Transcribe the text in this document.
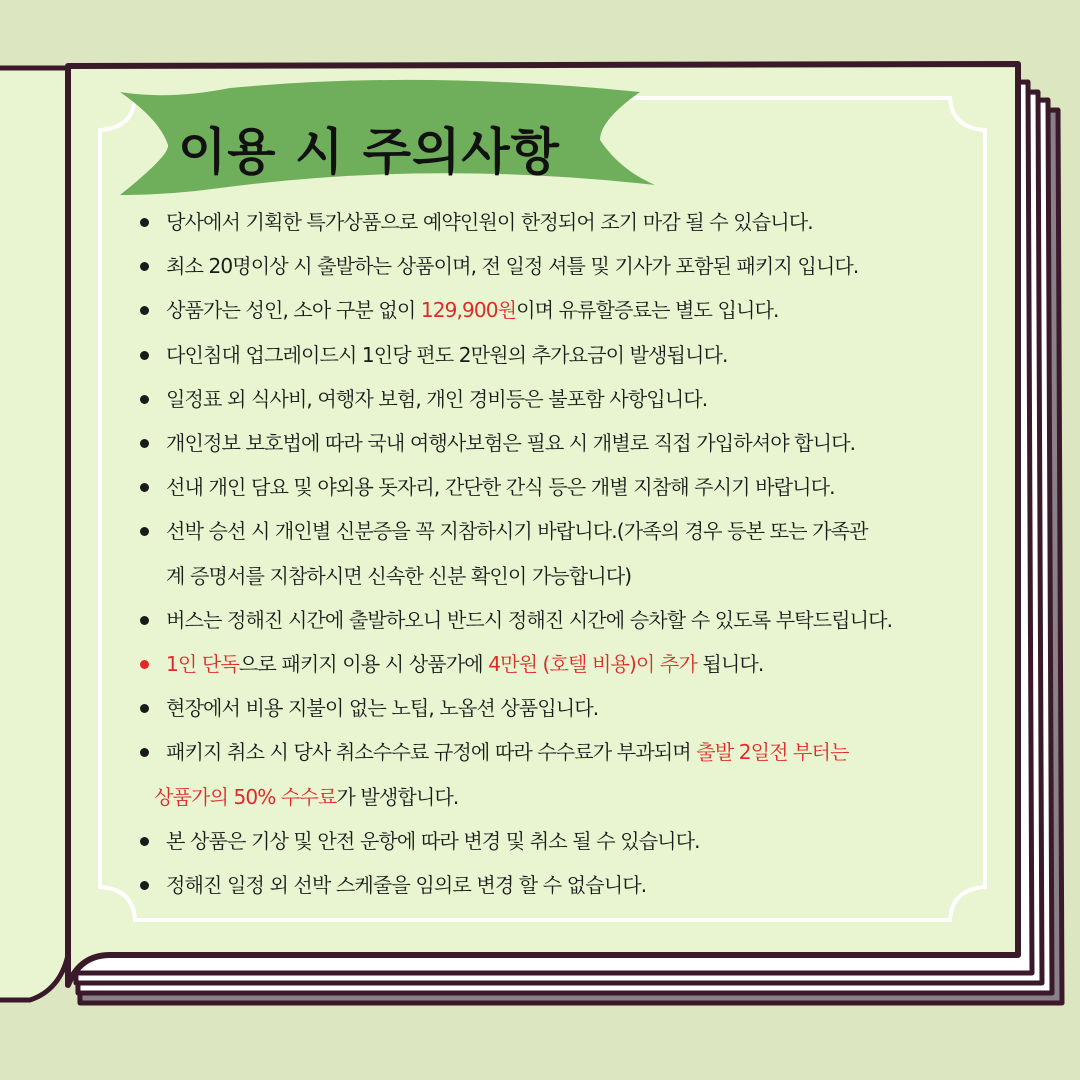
이용 시 주의사항
당사에서 기획한 특가상품으로 예약인원이 한정되어 조기 마감 될 수 있습니다.
최소 20명이상 시 출발하는 상품이며, 전 일정 셔틀 및 기사가 포함된 패키지 입니다.
상품가는 성인, 소아 구분 없이 129,900원이며 유류할증료는 별도 입니다.
다인침대 업그레이드시 1인당 편도 2만원의 추가요금이 발생됩니다.
일정표 외 식사비, 여행자 보험, 개인 경비등은 불포함 사항입니다.
개인정보 보호법에 따라 국내 여행사보험은 필요 시 개별로 직접 가입하셔야 합니다.
선내 개인 담요 및 야외용 돗자리, 간단한 간식 등은 개별 지참해 주시기 바랍니다.
선박 승선 시 개인별 신분증을 꼭 지참하시기 바랍니다.(가족의 경우 등본 또는 가족관
계 증명서를 지참하시면 신속한 신분 확인이 가능합니다)
버스는 정해진 시간에 출발하오니 반드시 정해진 시간에 승차할 수 있도록 부탁드립니다.
1인 단독으로 패키지 이용 시 상품가에 4만원 (호텔 비용)이 추가 됩니다.
현장에서 비용 지불이 없는 노팁, 노옵션 상품입니다.
패키지 취소 시 당사 취소수수료 규정에 따라 수수료가 부과되며 출발 2일전 부터는
상품가의 50% 수수료가 발생합니다.
본 상품은 기상 및 안전 운항에 따라 변경 및 취소 될 수 있습니다.
정해진 일정 외 선박 스케줄을 임의로 변경 할 수 없습니다.
